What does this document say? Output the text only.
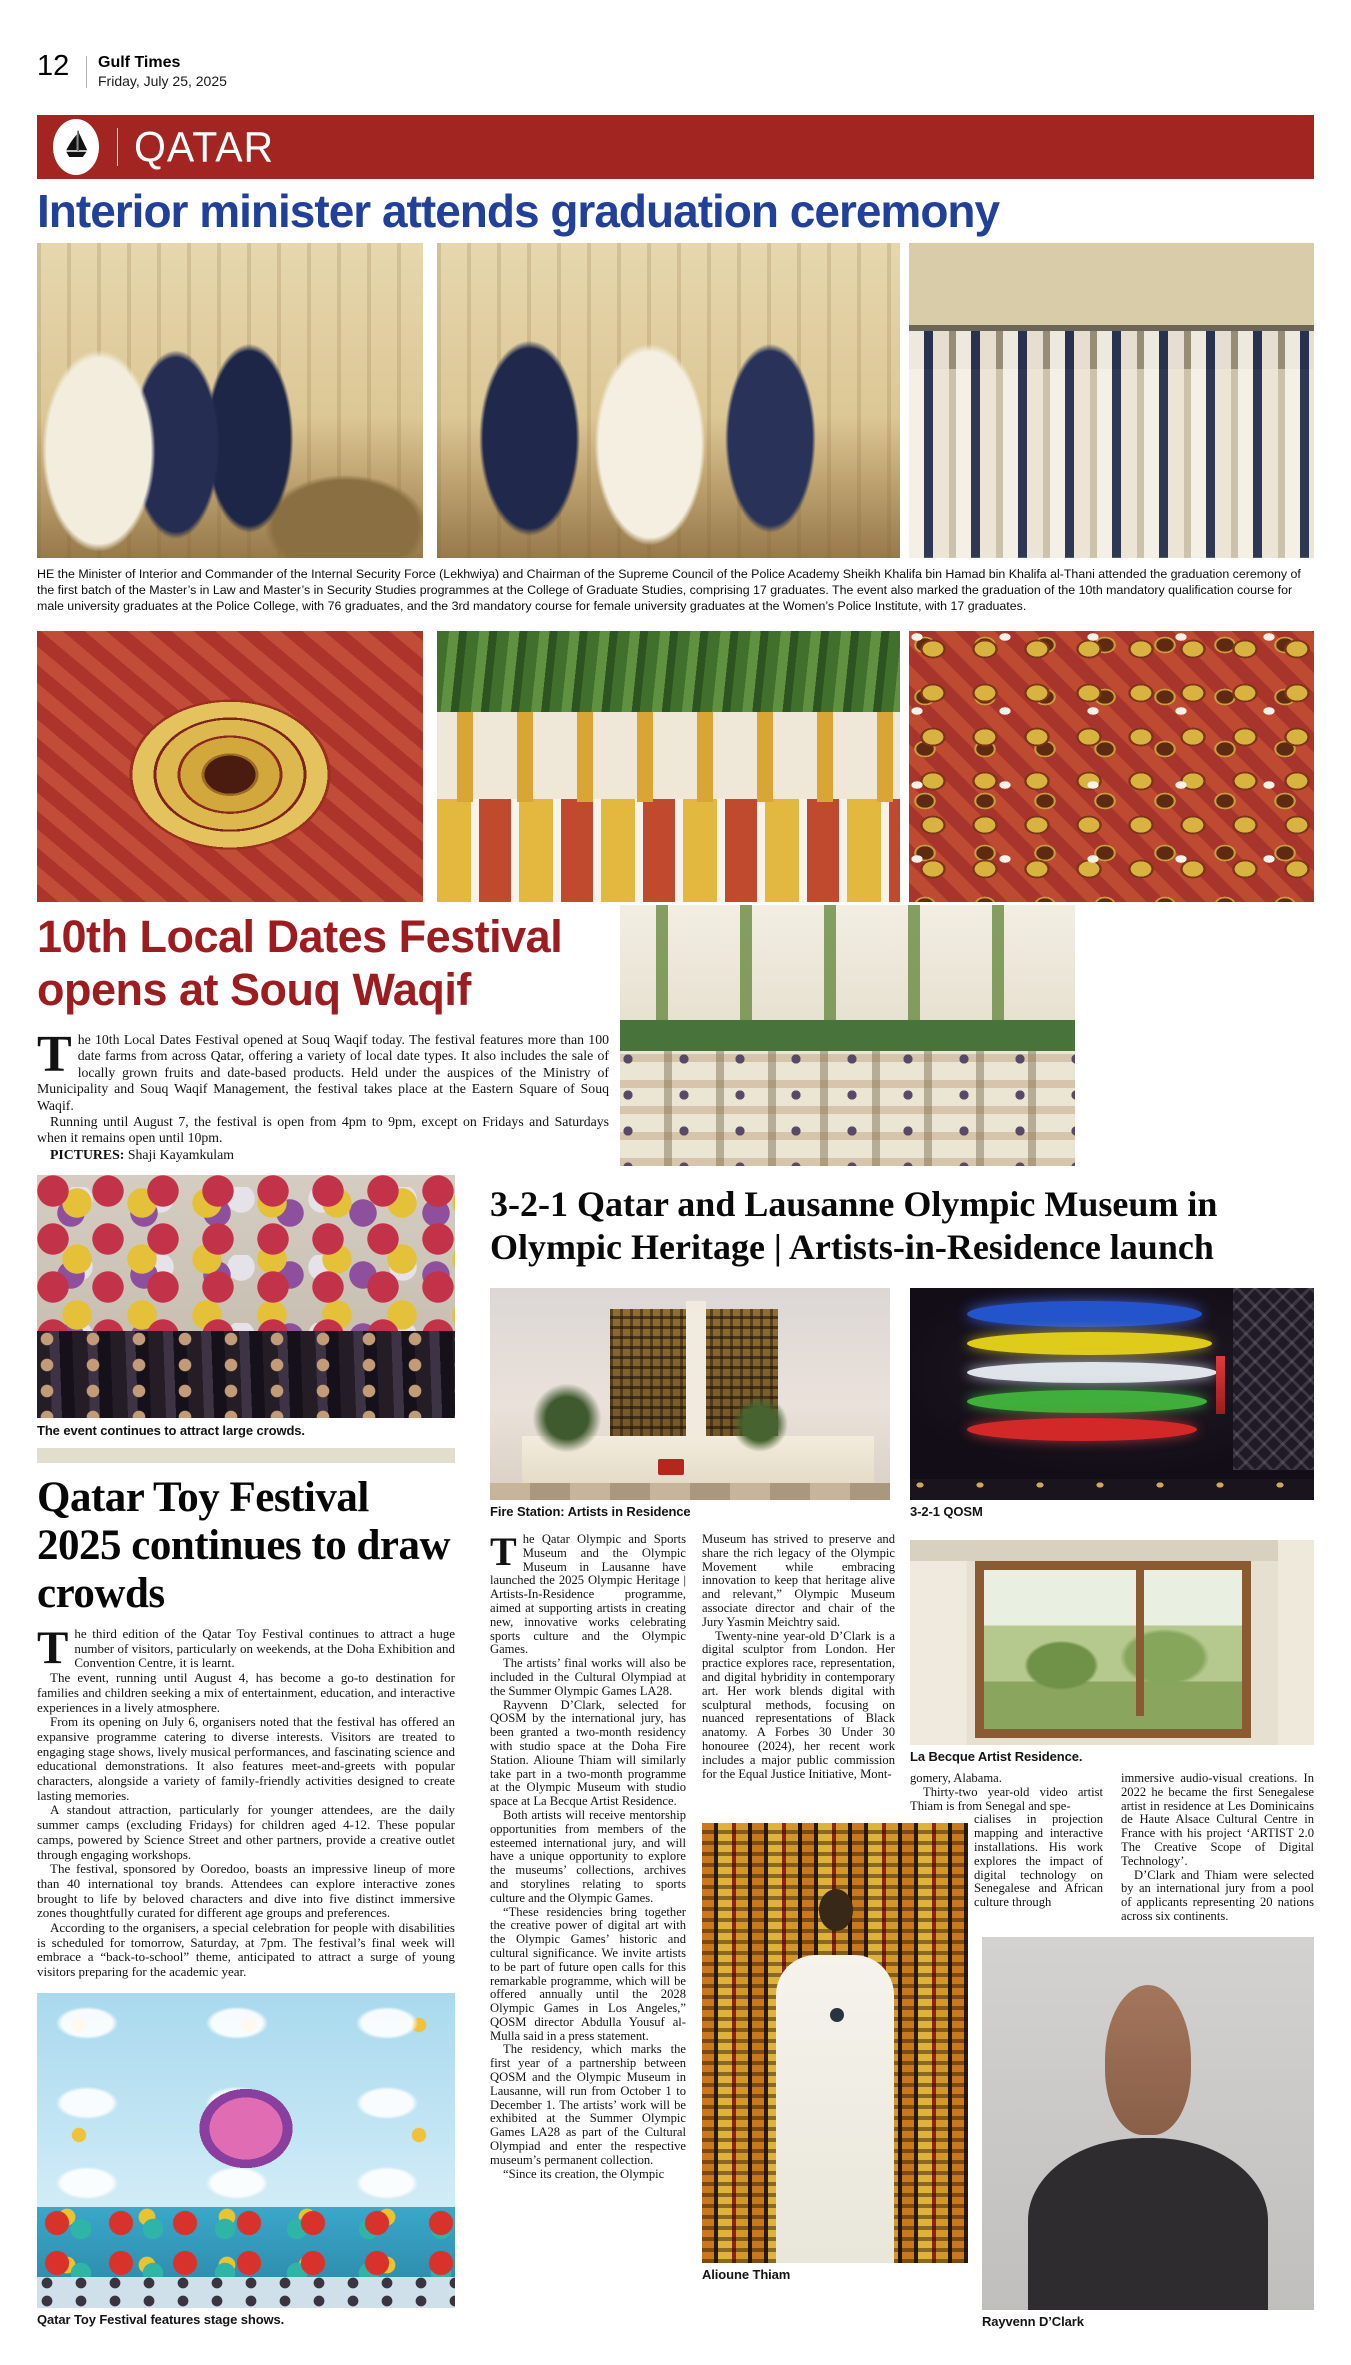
12 Gulf Times
Friday, July 25, 2025
QATAR
Interior minister attends graduation ceremony

HE the Minister of Interior and Commander of the Internal Security Force (Lekhwiya) and Chairman of the Supreme Council of the Police Academy Sheikh Khalifa bin Hamad bin Khalifa al-Thani attended the graduation ceremony of the first batch of the Master’s in Law and Master’s in Security Studies programmes at the College of Graduate Studies, comprising 17 graduates. The event also marked the graduation of the 10th mandatory qualification course for male university graduates at the Police College, with 76 graduates, and the 3rd mandatory course for female university graduates at the Women’s Police Institute, with 17 graduates.

10th Local Dates Festival opens at Souq Waqif

The 10th Local Dates Festival opened at Souq Waqif today. The festival features more than 100 date farms from across Qatar, offering a variety of local date types. It also includes the sale of locally grown fruits and date-based products. Held under the auspices of the Ministry of Municipality and Souq Waqif Management, the festival takes place at the Eastern Square of Souq Waqif.

Running until August 7, the festival is open from 4pm to 9pm, except on Fridays and Saturdays when it remains open until 10pm.

PICTURES: Shaji Kayamkulam

The event continues to attract large crowds.

Qatar Toy Festival 2025 continues to draw crowds

The third edition of the Qatar Toy Festival continues to attract a huge number of visitors, particularly on weekends, at the Doha Exhibition and Convention Centre, it is learnt.

The event, running until August 4, has become a go-to destination for families and children seeking a mix of entertainment, education, and interactive experiences in a lively atmosphere.

From its opening on July 6, organisers noted that the festival has offered an expansive programme catering to diverse interests. Visitors are treated to engaging stage shows, lively musical performances, and fascinating science and educational demonstrations. It also features meet-and-greets with popular characters, alongside a variety of family-friendly activities designed to create lasting memories.

A standout attraction, particularly for younger attendees, are the daily summer camps (excluding Fridays) for children aged 4-12. These popular camps, powered by Science Street and other partners, provide a creative outlet through engaging workshops.

The festival, sponsored by Ooredoo, boasts an impressive lineup of more than 40 international toy brands. Attendees can explore interactive zones brought to life by beloved characters and dive into five distinct immersive zones thoughtfully curated for different age groups and preferences.

According to the organisers, a special celebration for people with disabilities is scheduled for tomorrow, Saturday, at 7pm. The festival’s final week will embrace a “back-to-school” theme, anticipated to attract a surge of young visitors preparing for the academic year.

Qatar Toy Festival features stage shows.

3-2-1 Qatar and Lausanne Olympic Museum in
Olympic Heritage | Artists-in-Residence launch

Fire Station: Artists in Residence	3-2-1 QOSM

La Becque Artist Residence.

The Qatar Olympic and Sports Museum and the Olympic Museum in Lausanne have launched the 2025 Olympic Heritage | Artists-In-Residence programme, aimed at supporting artists in creating new, innovative works celebrating sports culture and the Olympic Games.

The artists’ final works will also be included in the Cultural Olympiad at the Summer Olympic Games LA28.

Rayvenn D’Clark, selected for QOSM by the international jury, has been granted a two-month residency with studio space at the Doha Fire Station. Alioune Thiam will similarly take part in a two-month programme at the Olympic Museum with studio space at La Becque Artist Residence.

Both artists will receive mentorship opportunities from members of the esteemed international jury, and will have a unique opportunity to explore the museums’ collections, archives and storylines relating to sports culture and the Olympic Games.

“These residencies bring together the creative power of digital art with the Olympic Games’ historic and cultural significance. We invite artists to be part of future open calls for this remarkable programme, which will be offered annually until the 2028 Olympic Games in Los Angeles,” QOSM director Abdulla Yousuf al-Mulla said in a press statement.

The residency, which marks the first year of a partnership between QOSM and the Olympic Museum in Lausanne, will run from October 1 to December 1. The artists’ work will be exhibited at the Summer Olympic Games LA28 as part of the Cultural Olympiad and enter the respective museum’s permanent collection.

“Since its creation, the Olympic

Museum has strived to preserve and share the rich legacy of the Olympic Movement while embracing innovation to keep that heritage alive and relevant,” Olympic Museum associate director and chair of the Jury Yasmin Meichtry said.

Twenty-nine year-old D’Clark is a digital sculptor from London. Her practice explores race, representation, and digital hybridity in contemporary art. Her work blends digital with sculptural methods, focusing on nuanced representations of Black anatomy. A Forbes 30 Under 30 honouree (2024), her recent work includes a major public commission for the Equal Justice Initiative, Mont- gomery, Alabama.

Thirty-two year-old video artist Thiam is from Senegal and spe-

cialises in projection mapping and interactive installations. His work explores the impact of digital technology on Senegalese and African culture through

immersive audio-visual creations. In 2022 he became the first Senegalese artist in residence at Les Dominicains de Haute Alsace Cultural Centre in France with his project ‘ARTIST 2.0 The Creative Scope of Digital Technology’.

D’Clark and Thiam were selected by an international jury from a pool of applicants representing 20 nations across six continents.

Alioune Thiam

Rayvenn D’Clark
